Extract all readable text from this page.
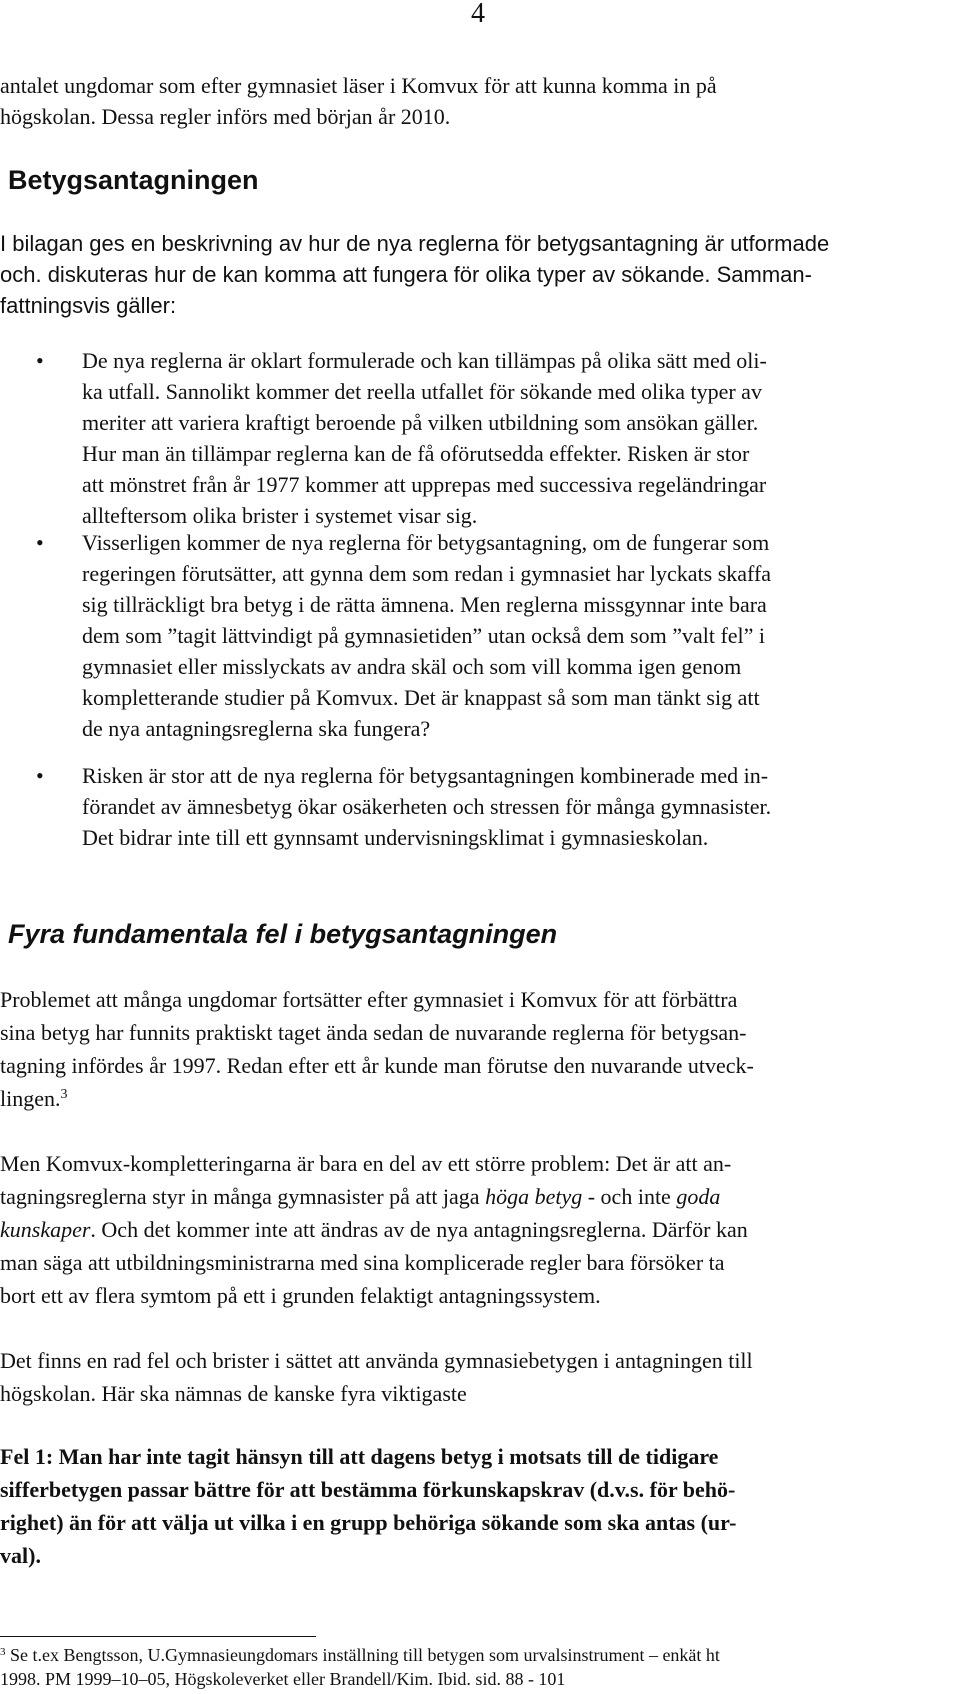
4
antalet ungdomar som efter gymnasiet läser i Komvux för att kunna komma in på
högskolan. Dessa regler införs med början år 2010.
Betygsantagningen
I bilagan ges en beskrivning av hur de nya reglerna för betygsantagning är utformade
och. diskuteras hur de kan komma att fungera för olika typer av sökande. Samman-
fattningsvis gäller:
• De nya reglerna är oklart formulerade och kan tillämpas på olika sätt med oli-
ka utfall. Sannolikt kommer det reella utfallet för sökande med olika typer av
meriter att variera kraftigt beroende på vilken utbildning som ansökan gäller.
Hur man än tillämpar reglerna kan de få oförutsedda effekter. Risken är stor
att mönstret från år 1977 kommer att upprepas med successiva regeländringar
allteftersom olika brister i systemet visar sig.
• Visserligen kommer de nya reglerna för betygsantagning, om de fungerar som
regeringen förutsätter, att gynna dem som redan i gymnasiet har lyckats skaffa
sig tillräckligt bra betyg i de rätta ämnena. Men reglerna missgynnar inte bara
dem som ”tagit lättvindigt på gymnasietiden” utan också dem som ”valt fel” i
gymnasiet eller misslyckats av andra skäl och som vill komma igen genom
kompletterande studier på Komvux. Det är knappast så som man tänkt sig att
de nya antagningsreglerna ska fungera?
• Risken är stor att de nya reglerna för betygsantagningen kombinerade med in-
förandet av ämnesbetyg ökar osäkerheten och stressen för många gymnasister.
Det bidrar inte till ett gynnsamt undervisningsklimat i gymnasieskolan.
Fyra fundamentala fel i betygsantagningen
Problemet att många ungdomar fortsätter efter gymnasiet i Komvux för att förbättra
sina betyg har funnits praktiskt taget ända sedan de nuvarande reglerna för betygsan-
tagning infördes år 1997. Redan efter ett år kunde man förutse den nuvarande utveck-
lingen.$^3$
Men Komvux-kompletteringarna är bara en del av ett större problem: Det är att an-
tagningsreglerna styr in många gymnasister på att jaga höga betyg - och inte goda
kunskaper. Och det kommer inte att ändras av de nya antagningsreglerna. Därför kan
man säga att utbildningsministrarna med sina komplicerade regler bara försöker ta
bort ett av flera symtom på ett i grunden felaktigt antagningssystem.
Det finns en rad fel och brister i sättet att använda gymnasiebetygen i antagningen till
högskolan. Här ska nämnas de kanske fyra viktigaste
Fel 1: Man har inte tagit hänsyn till att dagens betyg i motsats till de tidigare
sifferbetygen passar bättre för att bestämma förkunskapskrav (d.v.s. för behö-
righet) än för att välja ut vilka i en grupp behöriga sökande som ska antas (ur-
val).
$^3$ Se t.ex Bengtsson, U.Gymnasieungdomars inställning till betygen som urvalsinstrument – enkät ht
1998. PM 1999–10–05, Högskoleverket eller Brandell/Kim. Ibid. sid. 88 - 101
